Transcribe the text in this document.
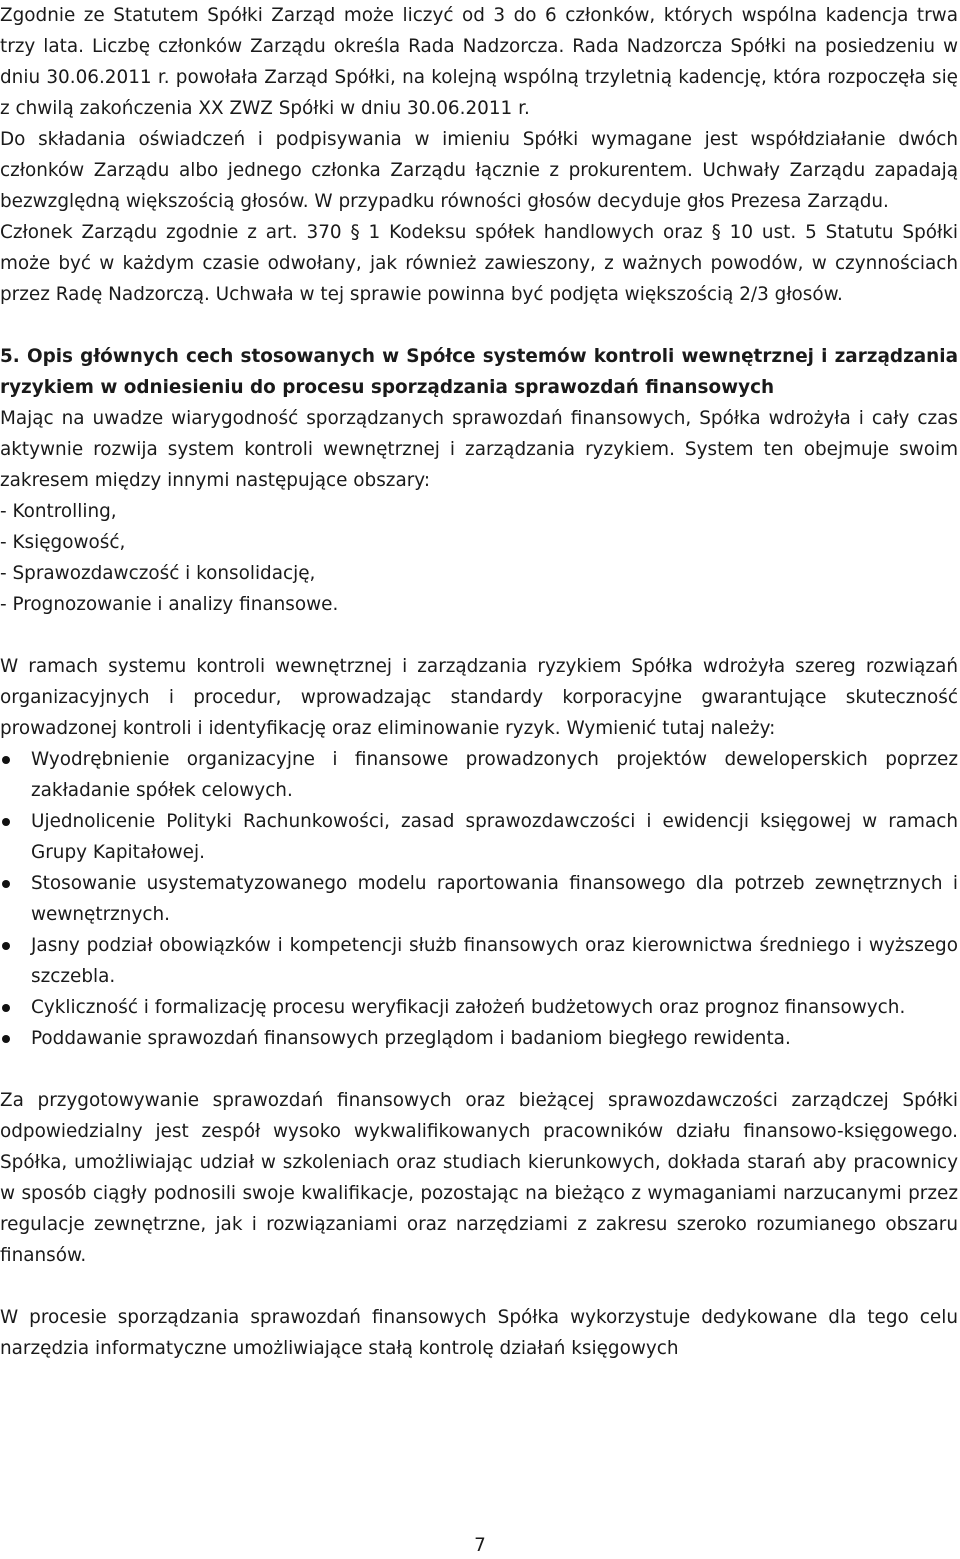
Zgodnie ze Statutem Spółki Zarząd może liczyć od 3 do 6 członków, których wspólna kadencja trwa trzy lata. Liczbę członków Zarządu określa Rada Nadzorcza. Rada Nadzorcza Spółki na posiedzeniu w dniu 30.06.2011 r. powołała Zarząd Spółki, na kolejną wspólną trzyletnią kadencję, która rozpoczęła się z chwilą zakończenia XX ZWZ Spółki w dniu 30.06.2011 r.

Do składania oświadczeń i podpisywania w imieniu Spółki wymagane jest współdziałanie dwóch członków Zarządu albo jednego członka Zarządu łącznie z prokurentem. Uchwały Zarządu zapadają bezwzględną większością głosów. W przypadku równości głosów decyduje głos Prezesa Zarządu.

Członek Zarządu zgodnie z art. 370 § 1 Kodeksu spółek handlowych oraz § 10 ust. 5 Statutu Spółki może być w każdym czasie odwołany, jak również zawieszony, z ważnych powodów, w czynnościach przez Radę Nadzorczą. Uchwała w tej sprawie powinna być podjęta większością 2/3 głosów.

5. Opis głównych cech stosowanych w Spółce systemów kontroli wewnętrznej i zarządzania ryzykiem w odniesieniu do procesu sporządzania sprawozdań finansowych

Mając na uwadze wiarygodność sporządzanych sprawozdań finansowych, Spółka wdrożyła i cały czas aktywnie rozwija system kontroli wewnętrznej i zarządzania ryzykiem. System ten obejmuje swoim zakresem między innymi następujące obszary:

- Kontrolling,
- Księgowość,
- Sprawozdawczość i konsolidację,
- Prognozowanie i analizy finansowe.

W ramach systemu kontroli wewnętrznej i zarządzania ryzykiem Spółka wdrożyła szereg rozwiązań organizacyjnych i procedur, wprowadzając standardy korporacyjne gwarantujące skuteczność prowadzonej kontroli i identyfikację oraz eliminowanie ryzyk. Wymienić tutaj należy:

Wyodrębnienie organizacyjne i finansowe prowadzonych projektów deweloperskich poprzez zakładanie spółek celowych.
Ujednolicenie Polityki Rachunkowości, zasad sprawozdawczości i ewidencji księgowej w ramach Grupy Kapitałowej.
Stosowanie usystematyzowanego modelu raportowania finansowego dla potrzeb zewnętrznych i wewnętrznych.
Jasny podział obowiązków i kompetencji służb finansowych oraz kierownictwa średniego i wyższego szczebla.
Cykliczność i formalizację procesu weryfikacji założeń budżetowych oraz prognoz finansowych.
Poddawanie sprawozdań finansowych przeglądom i badaniom biegłego rewidenta.

Za przygotowywanie sprawozdań finansowych oraz bieżącej sprawozdawczości zarządczej Spółki odpowiedzialny jest zespół wysoko wykwalifikowanych pracowników działu finansowo-księgowego. Spółka, umożliwiając udział w szkoleniach oraz studiach kierunkowych, dokłada starań aby pracownicy w sposób ciągły podnosili swoje kwalifikacje, pozostając na bieżąco z wymaganiami narzucanymi przez regulacje zewnętrzne, jak i rozwiązaniami oraz narzędziami z zakresu szeroko rozumianego obszaru finansów.

W procesie sporządzania sprawozdań finansowych Spółka wykorzystuje dedykowane dla tego celu narzędzia informatyczne umożliwiające stałą kontrolę działań księgowych

7
